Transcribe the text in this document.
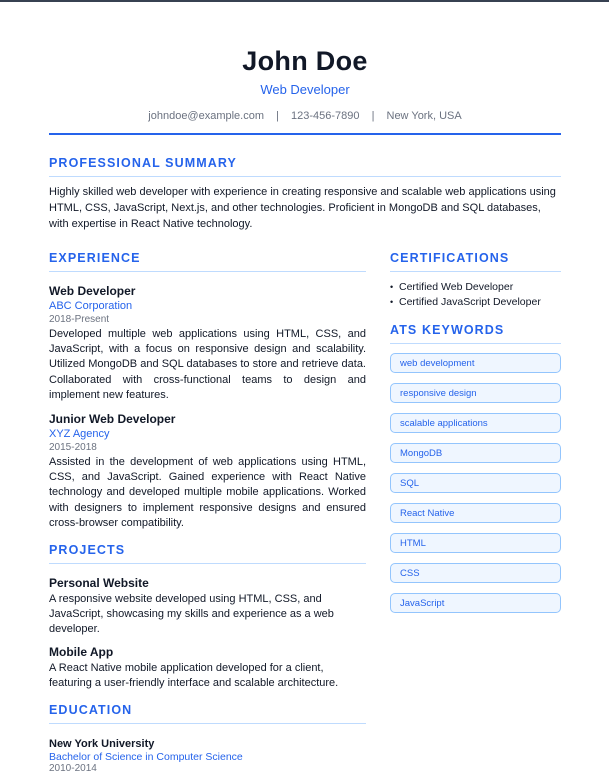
John Doe
Web Developer
johndoe@example.com | 123-456-7890 | New York, USA
PROFESSIONAL SUMMARY
Highly skilled web developer with experience in creating responsive and scalable web applications using HTML, CSS, JavaScript, Next.js, and other technologies. Proficient in MongoDB and SQL databases, with expertise in React Native technology.
EXPERIENCE
Web Developer
ABC Corporation
2018-Present
Developed multiple web applications using HTML, CSS, and JavaScript, with a focus on responsive design and scalability. Utilized MongoDB and SQL databases to store and retrieve data. Collaborated with cross-functional teams to design and implement new features.
Junior Web Developer
XYZ Agency
2015-2018
Assisted in the development of web applications using HTML, CSS, and JavaScript. Gained experience with React Native technology and developed multiple mobile applications. Worked with designers to implement responsive designs and ensured cross-browser compatibility.
PROJECTS
Personal Website
A responsive website developed using HTML, CSS, and JavaScript, showcasing my skills and experience as a web developer.
Mobile App
A React Native mobile application developed for a client, featuring a user-friendly interface and scalable architecture.
EDUCATION
New York University
Bachelor of Science in Computer Science
2010-2014
CERTIFICATIONS
• Certified Web Developer
• Certified JavaScript Developer
ATS KEYWORDS
web development
responsive design
scalable applications
MongoDB
SQL
React Native
HTML
CSS
JavaScript
